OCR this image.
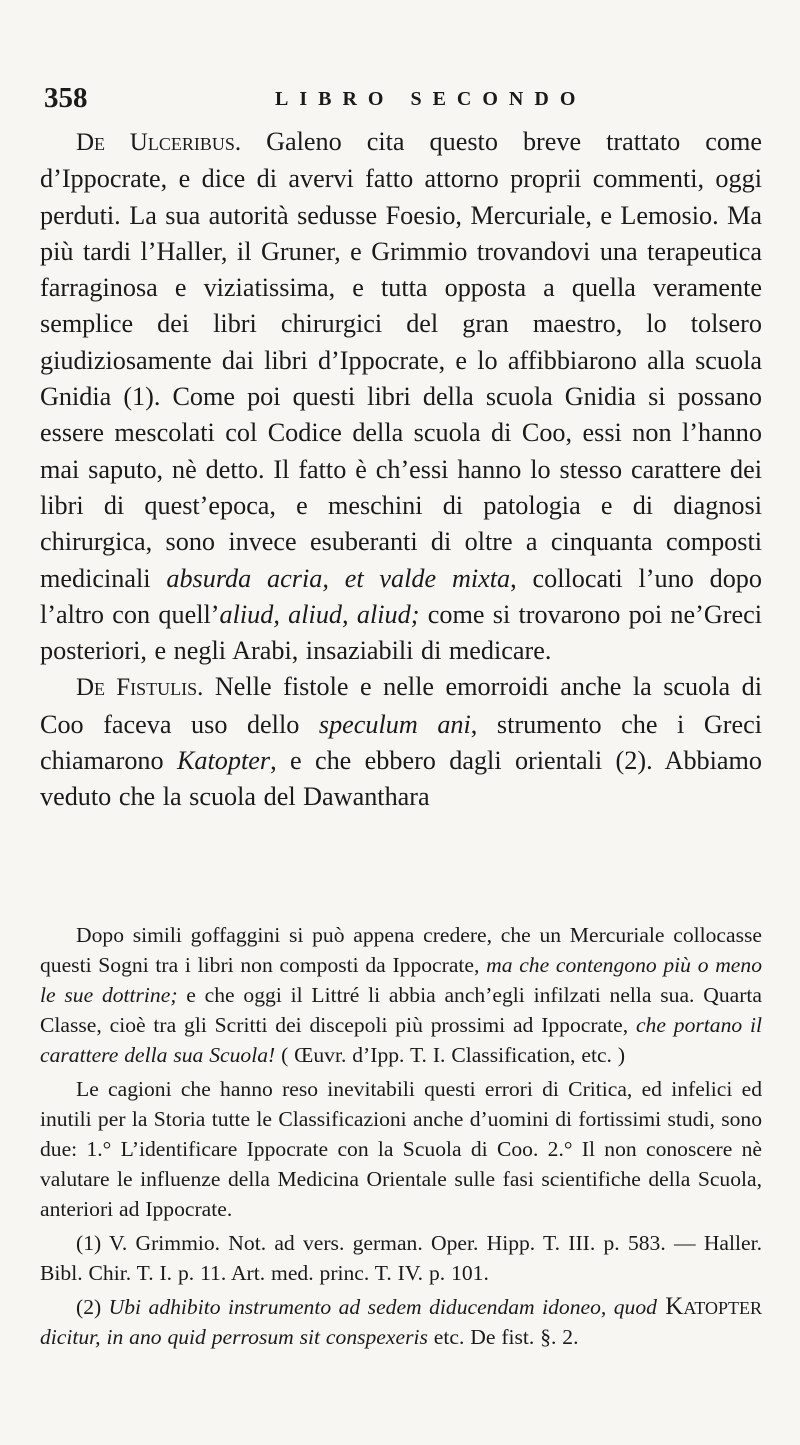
358	LIBRO SECONDO

De Ulceribus. Galeno cita questo breve trattato come d’Ippocrate, e dice di avervi fatto attorno proprii commenti, oggi perduti. La sua autorità sedusse Foesio, Mercuriale, e Lemosio. Ma più tardi l’Haller, il Gruner, e Grimmio trovandovi una terapeutica farraginosa e viziatissima, e tutta opposta a quella veramente semplice dei libri chirurgici del gran maestro, lo tolsero giudiziosamente dai libri d’Ippocrate, e lo affibbiarono alla scuola Gnidia (1). Come poi questi libri della scuola Gnidia si possano essere mescolati col Codice della scuola di Coo, essi non l’hanno mai saputo, nè detto. Il fatto è ch’essi hanno lo stesso carattere dei libri di quest’epoca, e meschini di patologia e di diagnosi chirurgica, sono invece esuberanti di oltre a cinquanta composti medicinali absurda acria, et valde mixta, collocati l’uno dopo l’altro con quell’aliud, aliud, aliud; come si trovarono poi ne’Greci posteriori, e negli Arabi, insaziabili di medicare.

De Fistulis. Nelle fistole e nelle emorroidi anche la scuola di Coo faceva uso dello speculum ani, strumento che i Greci chiamarono Katopter, e che ebbero dagli orientali (2). Abbiamo veduto che la scuola del Dawanthara

Dopo simili goffaggini si può appena credere, che un Mercuriale collocasse questi Sogni tra i libri non composti da Ippocrate, ma che contengono più o meno le sue dottrine; e che oggi il Littré li abbia anch’egli infilzati nella sua. Quarta Classe, cioè tra gli Scritti dei discepoli più prossimi ad Ippocrate, che portano il carattere della sua Scuola! ( Œuvr. d’Ipp. T. I. Classification, etc. )

Le cagioni che hanno reso inevitabili questi errori di Critica, ed infelici ed inutili per la Storia tutte le Classificazioni anche d’uomini di fortissimi studi, sono due: 1.° L’identificare Ippocrate con la Scuola di Coo. 2.° Il non conoscere nè valutare le influenze della Medicina Orientale sulle fasi scientifiche della Scuola, anteriori ad Ippocrate.

(1) V. Grimmio. Not. ad vers. german. Oper. Hipp. T. III. p. 583. — Haller. Bibl. Chir. T. I. p. 11. Art. med. princ. T. IV. p. 101.

(2) Ubi adhibito instrumento ad sedem diducendam idoneo, quod Katopter dicitur, in ano quid perrosum sit conspexeris etc. De fist. §. 2.
